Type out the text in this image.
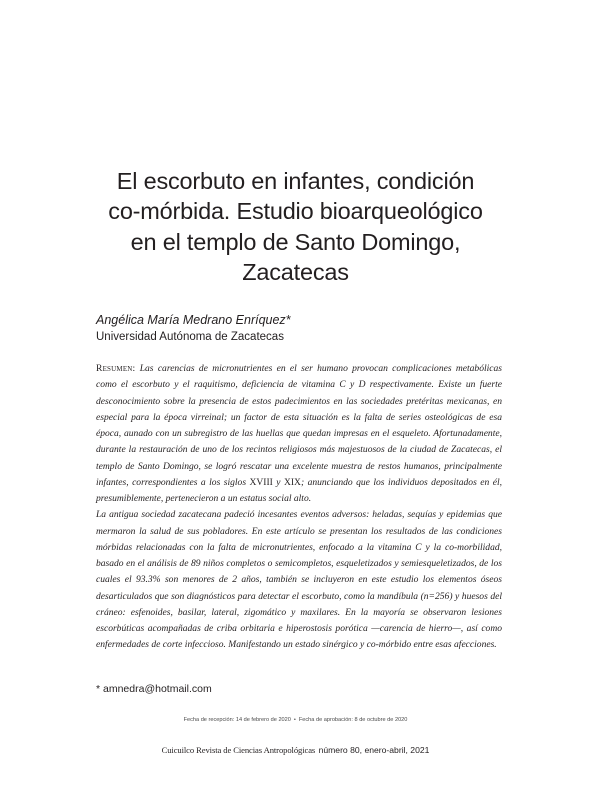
El escorbuto en infantes, condición
co-mórbida. Estudio bioarqueológico
en el templo de Santo Domingo,
Zacatecas
Angélica María Medrano Enríquez*
Universidad Autónoma de Zacatecas

Resumen: Las carencias de micronutrientes en el ser humano provocan complicaciones metabólicas como el escorbuto y el raquitismo, deficiencia de vitamina C y D respectivamente. Existe un fuerte desconocimiento sobre la presencia de estos padecimientos en las sociedades pretéritas mexicanas, en especial para la época virreinal; un factor de esta situación es la falta de series osteológicas de esa época, aunado con un subregistro de las huellas que quedan impresas en el esqueleto. Afortunadamente, durante la restauración de uno de los recintos religiosos más majestuosos de la ciudad de Zacatecas, el templo de Santo Domingo, se logró rescatar una excelente muestra de restos humanos, principalmente infantes, correspondientes a los siglos XVIII y XIX; anunciando que los individuos depositados en él, presumiblemente, pertenecieron a un estatus social alto.

La antigua sociedad zacatecana padeció incesantes eventos adversos: heladas, sequías y epidemias que mermaron la salud de sus pobladores. En este artículo se presentan los resultados de las condiciones mórbidas relacionadas con la falta de micronutrientes, enfocado a la vitamina C y la co-morbilidad, basado en el análisis de 89 niños completos o semicompletos, esqueletizados y semiesqueletizados, de los cuales el 93.3% son menores de 2 años, también se incluyeron en este estudio los elementos óseos desarticulados que son diagnósticos para detectar el escorbuto, como la mandíbula (n=256) y huesos del cráneo: esfenoides, basilar, lateral, zigomático y maxilares. En la mayoría se observaron lesiones escorbúticas acompañadas de criba orbitaria e hiperostosis porótica —carencia de hierro—, así como enfermedades de corte infeccioso. Manifestando un estado sinérgico y co-mórbido entre esas afecciones.

* amnedra@hotmail.com
Fecha de recepción: 14 de febrero de 2020 • Fecha de aprobación: 8 de octubre de 2020
Cuicuilco Revista de Ciencias Antropológicas número 80, enero-abril, 2021
